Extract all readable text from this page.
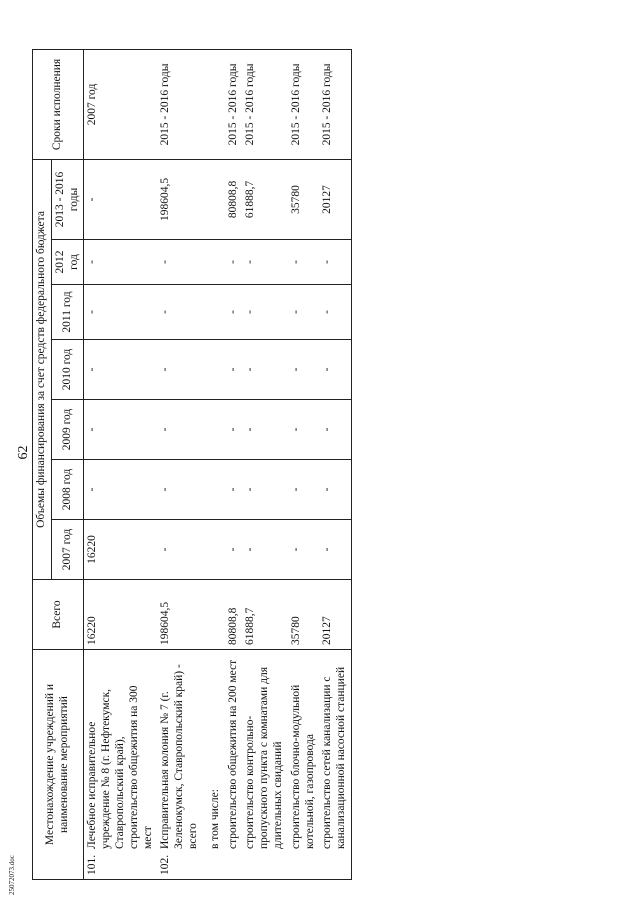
62
Местонахождение учреждений и наименование мероприятий	Всего	Объемы финансирования за счет средств федерального бюджета							Сроки исполнения
		2007 год	2008 год	2009 год	2010 год	2011 год	2012 год	2013 - 2016 годы	
101.Лечебное исправительное учреждение № 8 (г. Нефтекумск, Ставропольский край), строительство общежития на 300 мест	16220	16220	-	-	-	-	-	-	2007 год
102.Исправительная колония № 7 (г. Зеленокумск, Ставропольский край) - всего в том числе:	198604,5	-	-	-	-	-	-	198604,5	2015 - 2016 годы

строительство общежития на 200 мест	80808,8	-	-	-	-	-	-	80808,8	2015 - 2016 годы

строительство контрольно-пропускного пункта с комнатами для длительных свиданий	61888,7	-	-	-	-	-	-	61888,7	2015 - 2016 годы

строительство блочно-модульной котельной, газопровода	35780	-	-	-	-	-	-	35780	2015 - 2016 годы

строительство сетей канализации с канализационной насосной станцией	20127	-	-	-	-	-	-	20127	2015 - 2016 годы
25072073.doc
